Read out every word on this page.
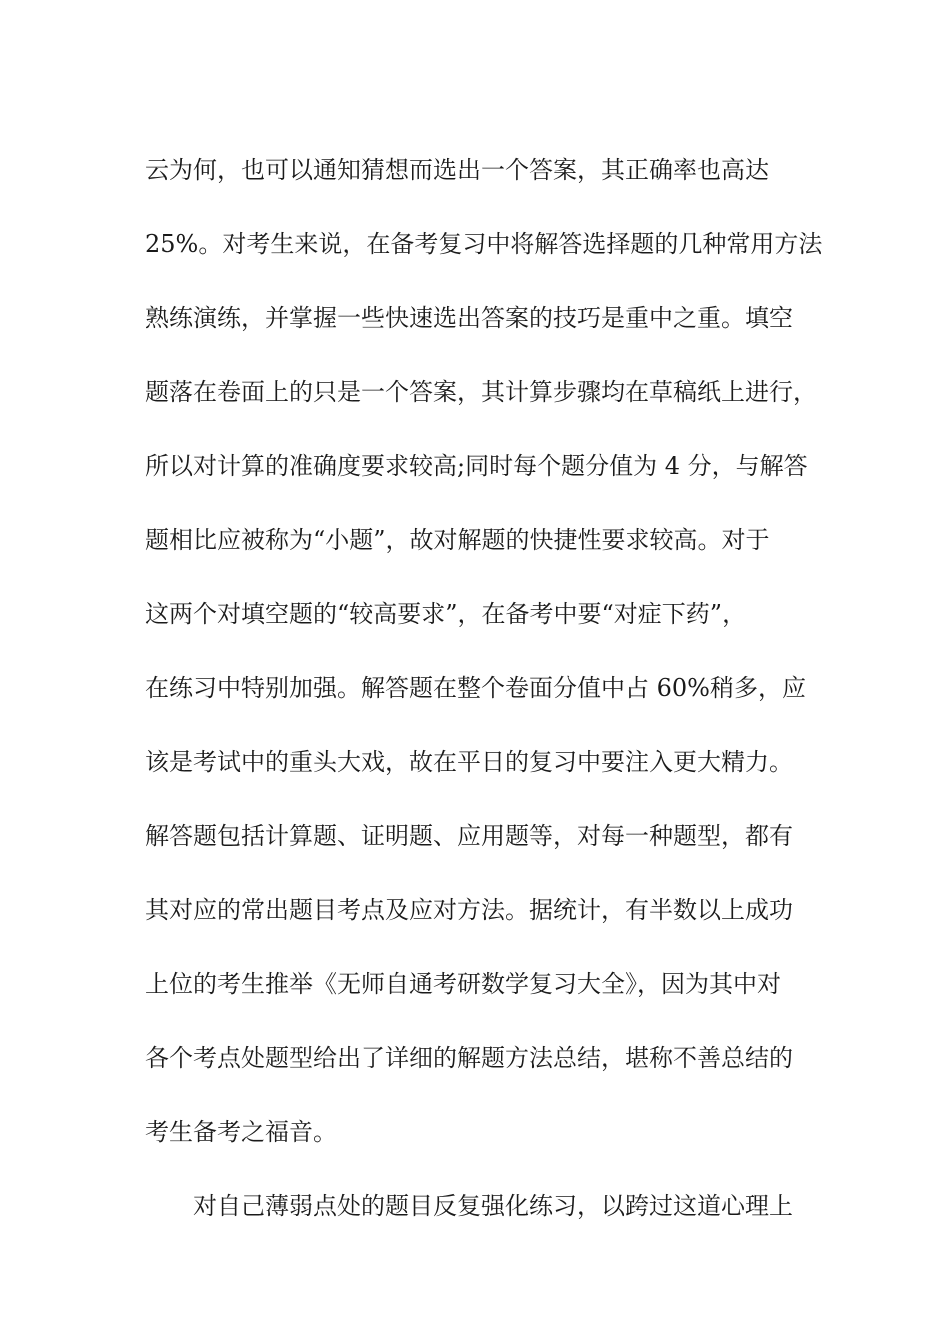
云为何，也可以通知猜想而选出一个答案，其正确率也高达
25%。对考生来说，在备考复习中将解答选择题的几种常用方法
熟练演练，并掌握一些快速选出答案的技巧是重中之重。填空
题落在卷面上的只是一个答案，其计算步骤均在草稿纸上进行，
所以对计算的准确度要求较高;同时每个题分值为 4 分，与解答
题相比应被称为“小题”，故对解题的快捷性要求较高。对于
这两个对填空题的“较高要求”，在备考中要“对症下药”，
在练习中特别加强。解答题在整个卷面分值中占 60%稍多，应
该是考试中的重头大戏，故在平日的复习中要注入更大精力。
解答题包括计算题、证明题、应用题等，对每一种题型，都有
其对应的常出题目考点及应对方法。据统计，有半数以上成功
上位的考生推举《无师自通考研数学复习大全》，因为其中对
各个考点处题型给出了详细的解题方法总结，堪称不善总结的
考生备考之福音。
对自己薄弱点处的题目反复强化练习，以跨过这道心理上
